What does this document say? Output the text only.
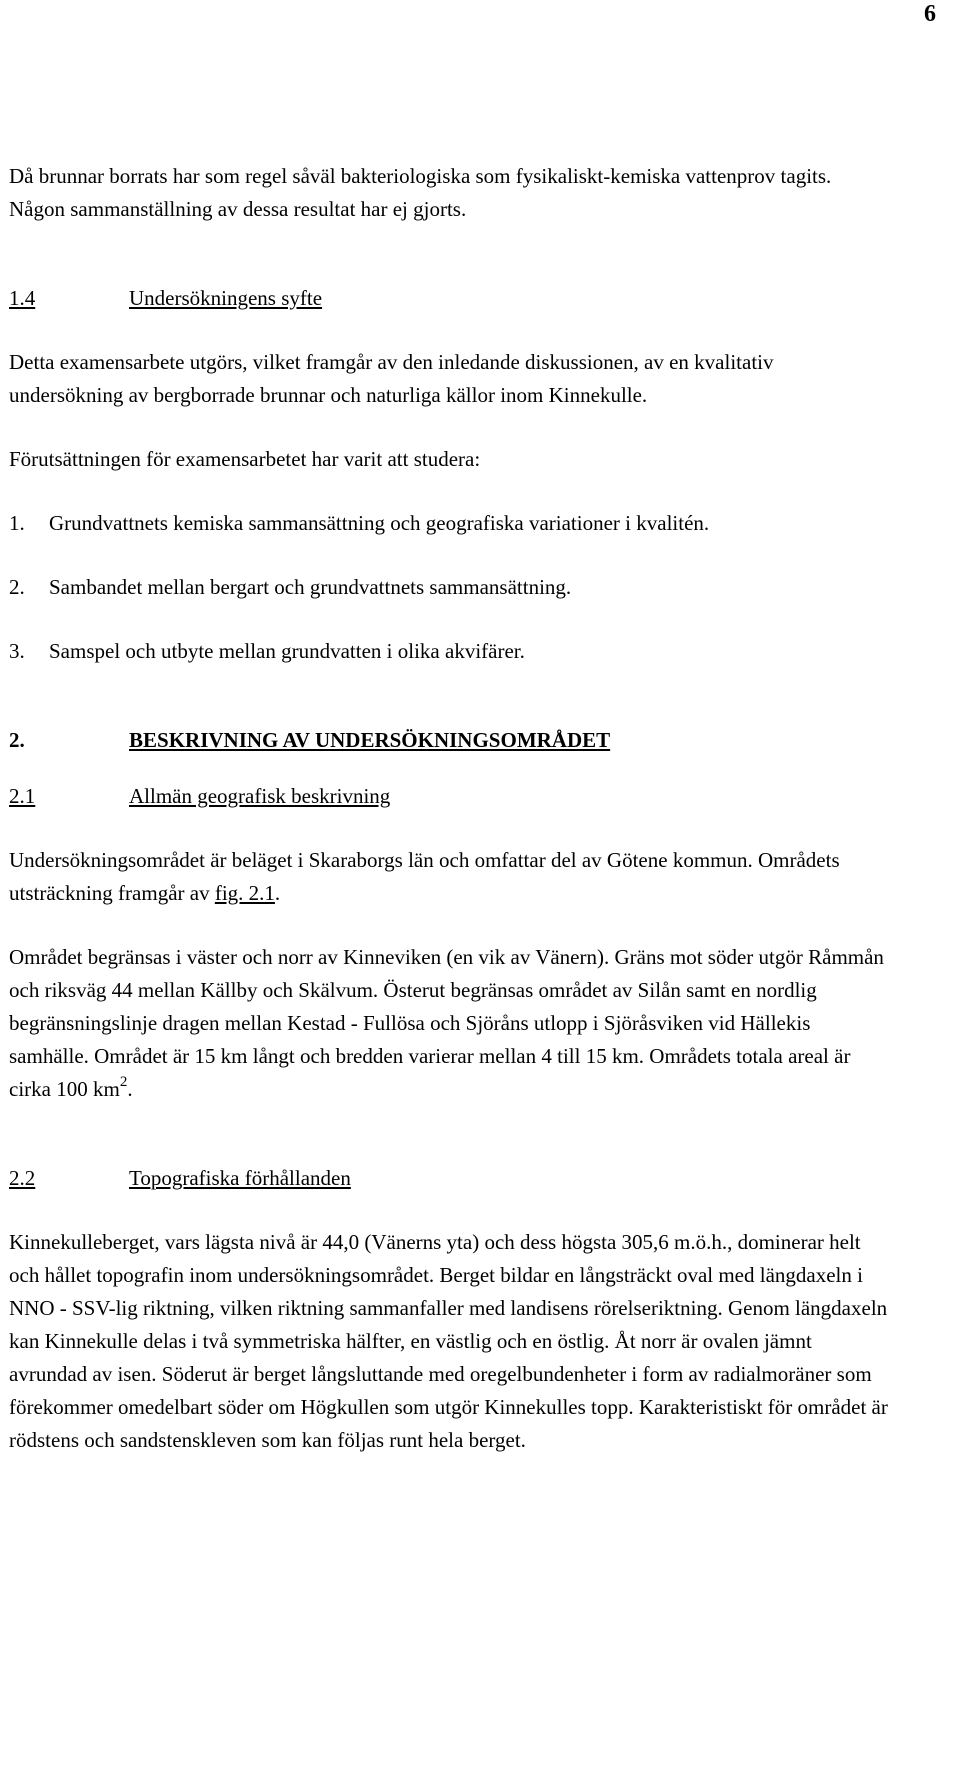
6

Då brunnar borrats har som regel såväl bakteriologiska som fysikaliskt-kemiska vattenprov tagits. Någon sammanställning av dessa resultat har ej gjorts.

1.4	Undersökningens syfte

Detta examensarbete utgörs, vilket framgår av den inledande diskussionen, av en kvalitativ undersökning av bergborrade brunnar och naturliga källor inom Kinnekulle.

Förutsättningen för examensarbetet har varit att studera:

1.	Grundvattnets kemiska sammansättning och geografiska variationer i kvalitén.
2.	Sambandet mellan bergart och grundvattnets sammansättning.
3.	Samspel och utbyte mellan grundvatten i olika akvifärer.
2.	BESKRIVNING AV UNDERSÖKNINGSOMRÅDET
2.1	Allmän geografisk beskrivning

Undersökningsområdet är beläget i Skaraborgs län och omfattar del av Götene kommun. Områdets utsträckning framgår av fig. 2.1.

Området begränsas i väster och norr av Kinneviken (en vik av Vänern). Gräns mot söder utgör Råmmån och riksväg 44 mellan Källby och Skälvum. Österut begränsas området av Silån samt en nordlig begränsningslinje dragen mellan Kestad - Fullösa och Sjöråns utlopp i Sjöråsviken vid Hällekis samhälle. Området är 15 km långt och bredden varierar mellan 4 till 15 km. Områdets totala areal är cirka 100 $km^2$.

2.2	Topografiska förhållanden

Kinnekulleberget, vars lägsta nivå är 44,0 (Vänerns yta) och dess högsta 305,6 m.ö.h., dominerar helt och hållet topografin inom undersökningsområdet. Berget bildar en långsträckt oval med längdaxeln i NNO - SSV-lig riktning, vilken riktning sammanfaller med landisens rörelseriktning. Genom längdaxeln kan Kinnekulle delas i två symmetriska hälfter, en västlig och en östlig. Åt norr är ovalen jämnt avrundad av isen. Söderut är berget långsluttande med oregelbundenheter i form av radialmoräner som förekommer omedelbart söder om Högkullen som utgör Kinnekulles topp. Karakteristiskt för området är rödstens och sandstenskleven som kan följas runt hela berget.
